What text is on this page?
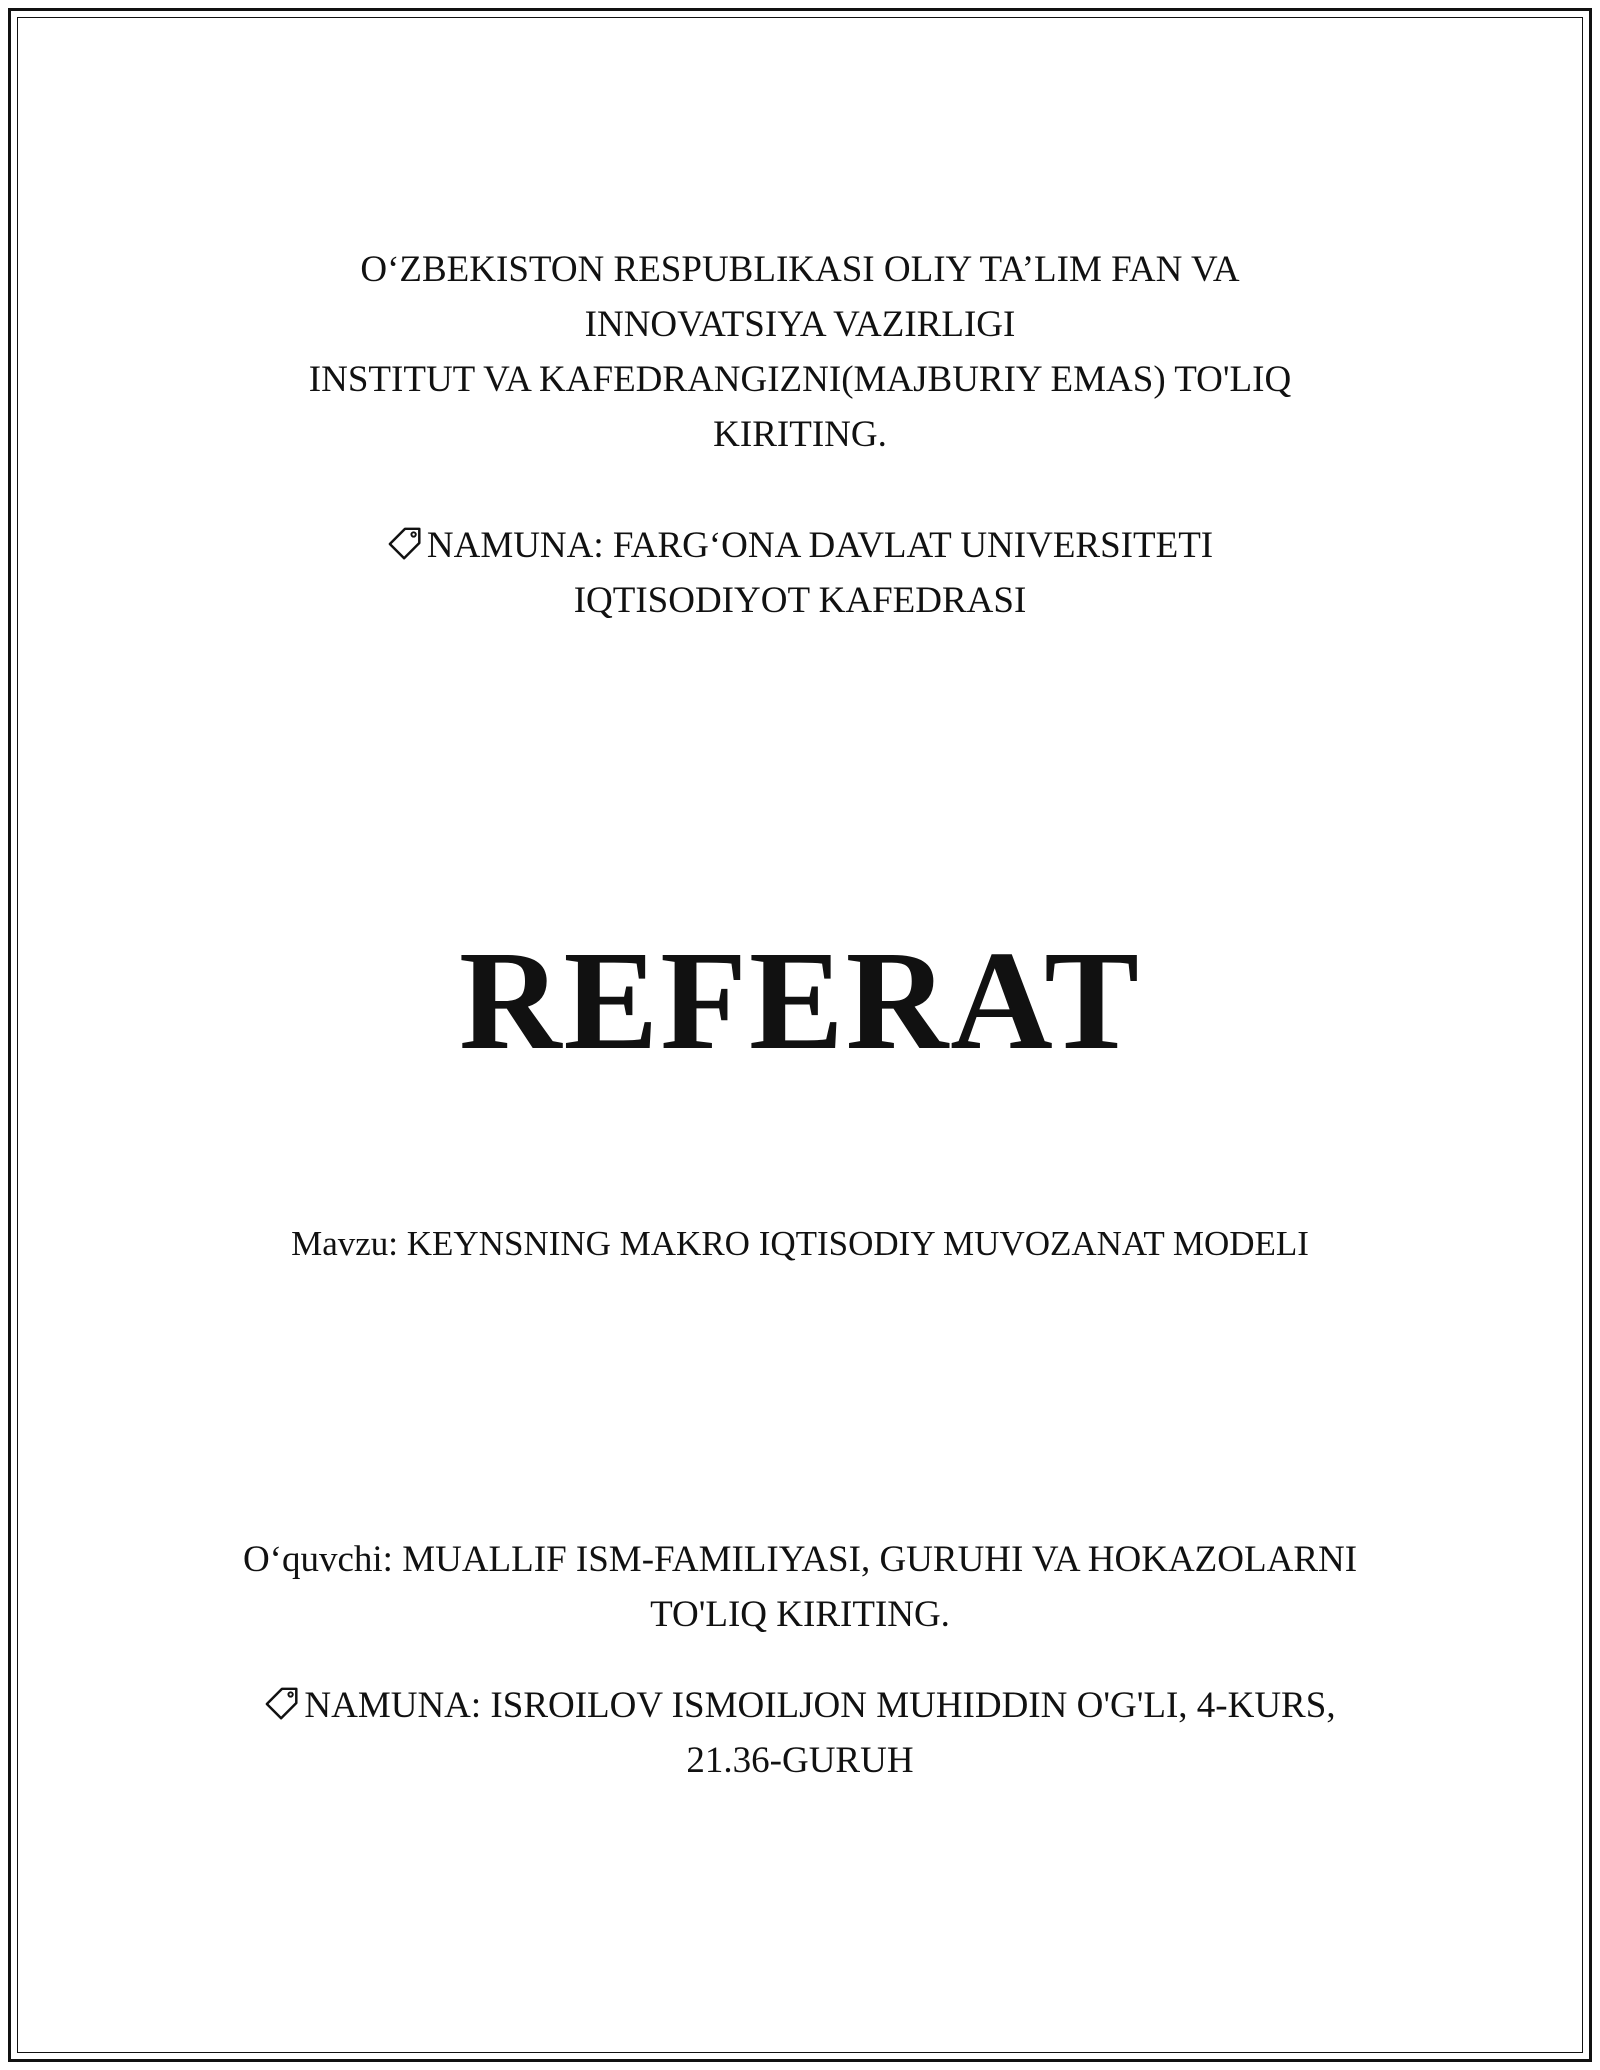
O‘ZBEKISTON RESPUBLIKASI OLIY TA’LIM FAN VA
INNOVATSIYA VAZIRLIGI
INSTITUT VA KAFEDRANGIZNI(MAJBURIY EMAS) TO'LIQ
KIRITING.
NAMUNA: FARG‘ONA DAVLAT UNIVERSITETI
IQTISODIYOT KAFEDRASI
REFERAT
Mavzu: KEYNSNING MAKRO IQTISODIY MUVOZANAT MODELI
O‘quvchi: MUALLIF ISM-FAMILIYASI, GURUHI VA HOKAZOLARNI
TO'LIQ KIRITING.
NAMUNA: ISROILOV ISMOILJON MUHIDDIN O'G'LI, 4-KURS,
21.36-GURUH
